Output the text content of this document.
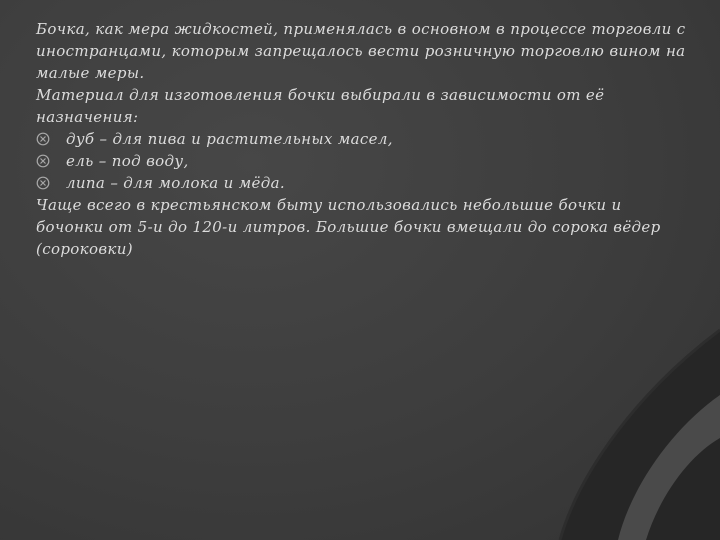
Бочка, как мера жидкостей, применялась в основном в процессе торговли с иностранцами, которым запрещалось вести розничную торговлю вином на малые меры.

Материал для изготовления бочки выбирали в зависимости от её назначения:

дуб – для пива и растительных масел,

ель – под воду,

липа – для молока и мёда.

Чаще всего в крестьянском быту использовались небольшие бочки и бочонки от 5-и до 120-и литров. Большие бочки вмещали до сорока вёдер (сороковки)
